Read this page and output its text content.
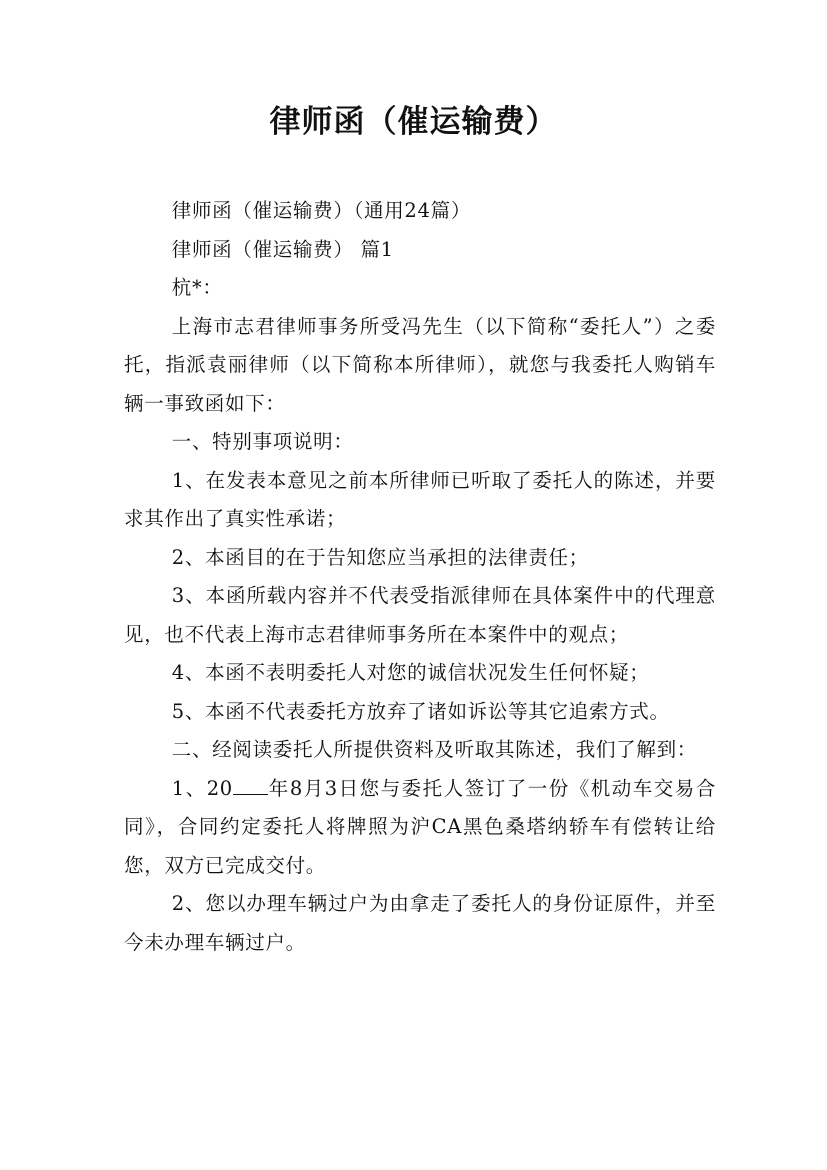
律师函（催运输费）

律师函（催运输费）（通用24篇）

律师函（催运输费） 篇1

杭*：

上海市志君律师事务所受冯先生（以下简称“委托人”）之委托，指派袁丽律师（以下简称本所律师），就您与我委托人购销车辆一事致函如下：

一、特别事项说明：

1、在发表本意见之前本所律师已听取了委托人的陈述，并要求其作出了真实性承诺；

2、本函目的在于告知您应当承担的法律责任；

3、本函所载内容并不代表受指派律师在具体案件中的代理意见，也不代表上海市志君律师事务所在本案件中的观点；

4、本函不表明委托人对您的诚信状况发生任何怀疑；

5、本函不代表委托方放弃了诸如诉讼等其它追索方式。

二、经阅读委托人所提供资料及听取其陈述，我们了解到：

1、20 年8月3日您与委托人签订了一份《机动车交易合同》，合同约定委托人将牌照为沪CA黑色桑塔纳轿车有偿转让给您，双方已完成交付。

2、您以办理车辆过户为由拿走了委托人的身份证原件，并至今未办理车辆过户。
